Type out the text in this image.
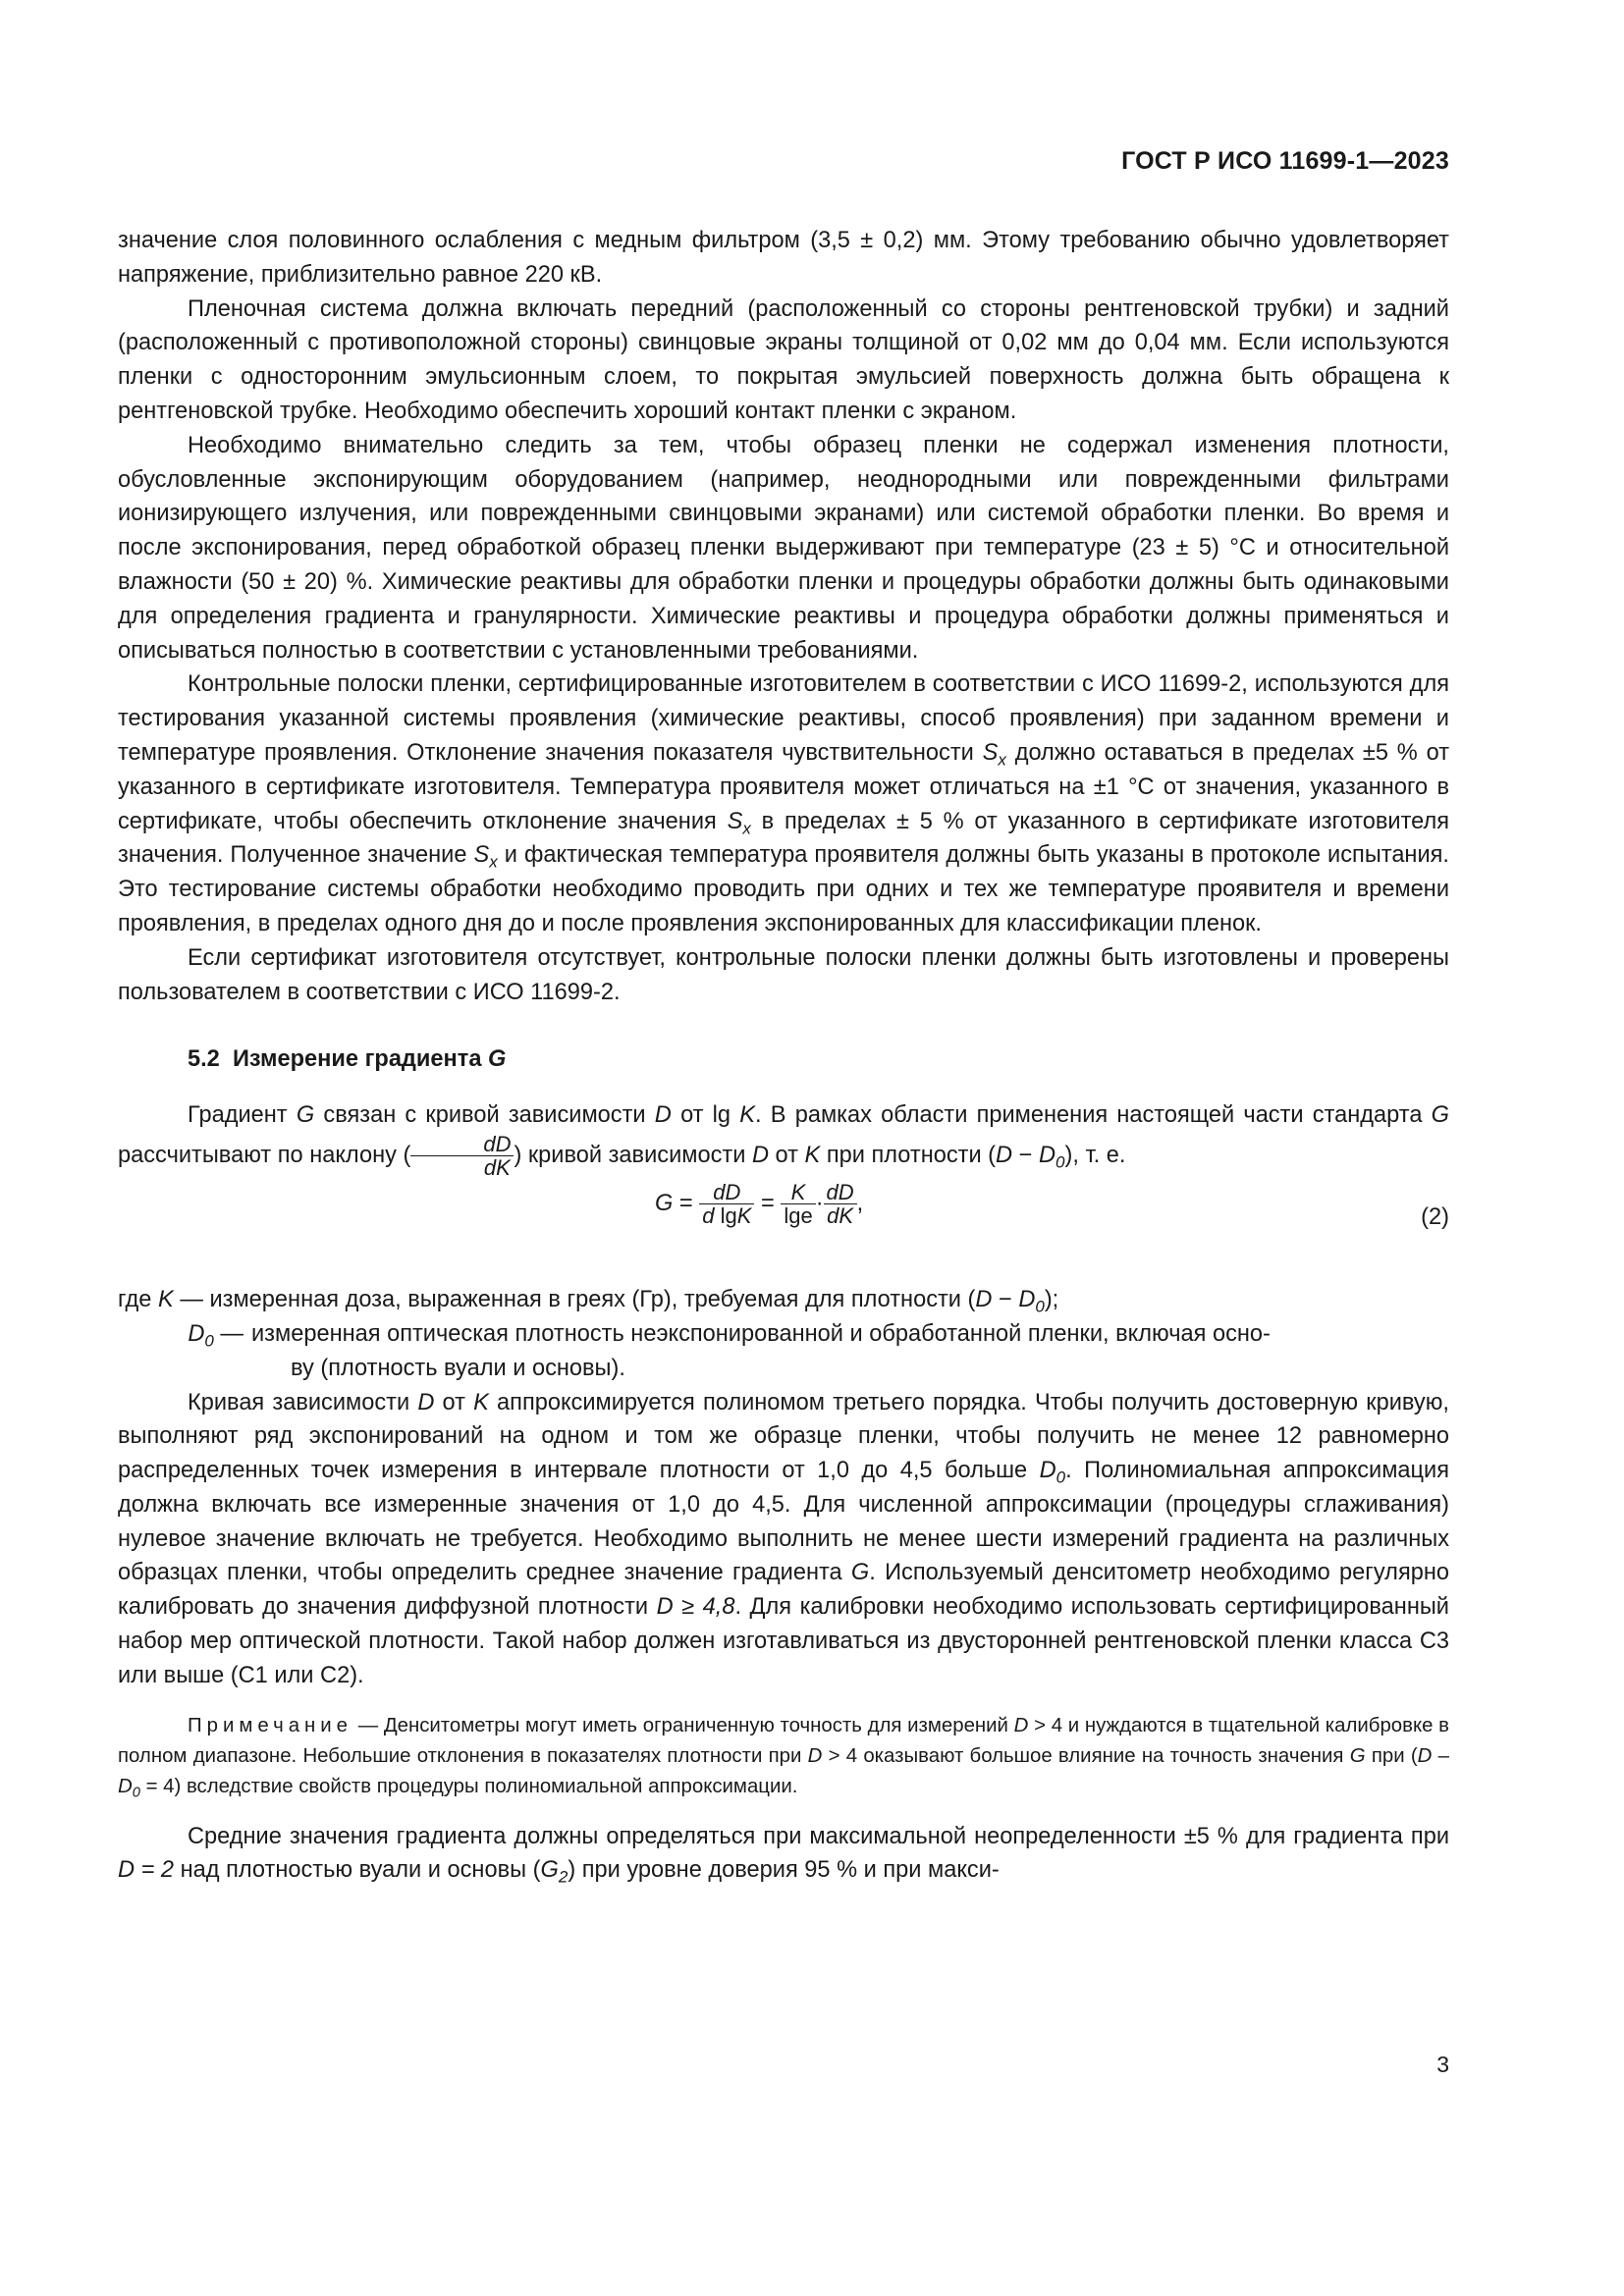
ГОСТ Р ИСО 11699-1—2023

значение слоя половинного ослабления с медным фильтром (3,5 ± 0,2) мм. Этому требованию обычно удовлетворяет напряжение, приблизительно равное 220 кВ.

Пленочная система должна включать передний (расположенный со стороны рентгеновской трубки) и задний (расположенный с противоположной стороны) свинцовые экраны толщиной от 0,02 мм до 0,04 мм. Если используются пленки с односторонним эмульсионным слоем, то покрытая эмульсией поверхность должна быть обращена к рентгеновской трубке. Необходимо обеспечить хороший контакт пленки с экраном.

Необходимо внимательно следить за тем, чтобы образец пленки не содержал изменения плотности, обусловленные экспонирующим оборудованием (например, неоднородными или поврежденными фильтрами ионизирующего излучения, или поврежденными свинцовыми экранами) или системой обработки пленки. Во время и после экспонирования, перед обработкой образец пленки выдерживают при температуре (23 ± 5) °С и относительной влажности (50 ± 20) %. Химические реактивы для обработки пленки и процедуры обработки должны быть одинаковыми для определения градиента и гранулярности. Химические реактивы и процедура обработки должны применяться и описываться полностью в соответствии с установленными требованиями.

Контрольные полоски пленки, сертифицированные изготовителем в соответствии с ИСО 11699-2, используются для тестирования указанной системы проявления (химические реактивы, способ проявления) при заданном времени и температуре проявления. Отклонение значения показателя чувствительности $S_x$ должно оставаться в пределах ±5 % от указанного в сертификате изготовителя. Температура проявителя может отличаться на ±1 °С от значения, указанного в сертификате, чтобы обеспечить отклонение значения $S_x$ в пределах ± 5 % от указанного в сертификате изготовителя значения. Полученное значение $S_x$ и фактическая температура проявителя должны быть указаны в протоколе испытания. Это тестирование системы обработки необходимо проводить при одних и тех же температуре проявителя и времени проявления, в пределах одного дня до и после проявления экспонированных для классификации пленок.

Если сертификат изготовителя отсутствует, контрольные полоски пленки должны быть изготовлены и проверены пользователем в соответствии с ИСО 11699-2.

5.2 Измерение градиента G

Градиент G связан с кривой зависимости D от lg K. В рамках области применения настоящей части стандарта G рассчитывают по наклону ( $\frac{dD}{dK}$ ) кривой зависимости D от K при плотности $(D - D_0)$, т. е.

$G = \frac{dD}{\text{d lgK}} = \frac{K}{\lg e} \cdot \frac{dD}{dK}$ ,
(2)

где K — измеренная доза, выраженная в греях (Гр), требуемая для плотности $(D - D_0)$;

$D_0$ — измеренная оптическая плотность неэкспонированной и обработанной пленки, включая осно-
ву (плотность вуали и основы).

Кривая зависимости D от K аппроксимируется полиномом третьего порядка. Чтобы получить достоверную кривую, выполняют ряд экспонирований на одном и том же образце пленки, чтобы получить не менее 12 равномерно распределенных точек измерения в интервале плотности от 1,0 до 4,5 больше $D_0$. Полиномиальная аппроксимация должна включать все измеренные значения от 1,0 до 4,5. Для численной аппроксимации (процедуры сглаживания) нулевое значение включать не требуется. Необходимо выполнить не менее шести измерений градиента на различных образцах пленки, чтобы определить среднее значение градиента G. Используемый денситометр необходимо регулярно калибровать до значения диффузной плотности D ≥ 4,8. Для калибровки необходимо использовать сертифицированный набор мер оптической плотности. Такой набор должен изготавливаться из двусторонней рентгеновской пленки класса С3 или выше (С1 или С2).

Примечание — Денситометры могут иметь ограниченную точность для измерений D > 4 и нуждаются в тщательной калибровке в полном диапазоне. Небольшие отклонения в показателях плотности при D > 4 оказывают большое влияние на точность значения G при $(D - D_0 = 4)$ вследствие свойств процедуры полиномиальной аппроксимации.

Средние значения градиента должны определяться при максимальной неопределенности ±5 % для градиента при D = 2 над плотностью вуали и основы $(G_2)$ при уровне доверия 95 % и при макси-

3
